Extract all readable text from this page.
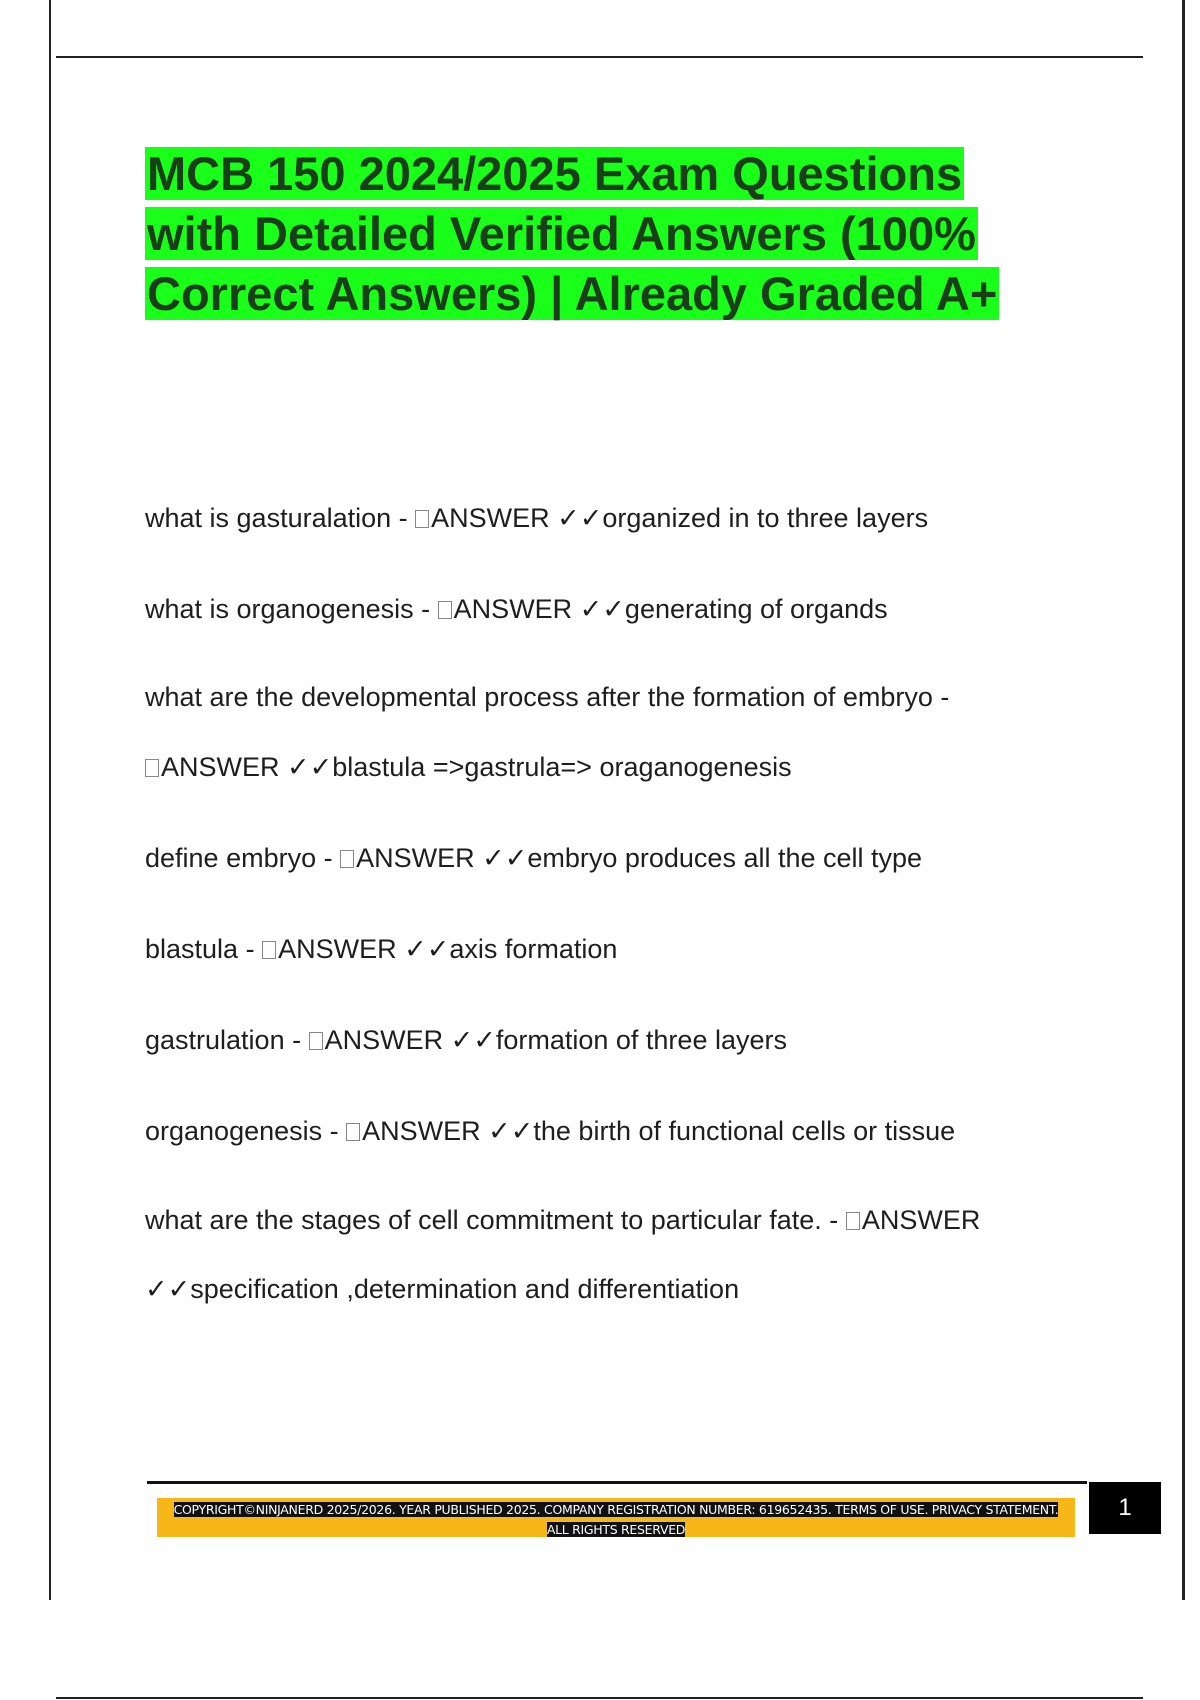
MCB 150 2024/2025 Exam Questions with Detailed Verified Answers (100% Correct Answers) | Already Graded A+
what is gasturalation - ANSWER ✓✓organized in to three layers
what is organogenesis - ANSWER ✓✓generating of organds
what are the developmental process after the formation of embryo -
ANSWER ✓✓blastula =>gastrula=> oraganogenesis
define embryo - ANSWER ✓✓embryo produces all the cell type
blastula - ANSWER ✓✓axis formation
gastrulation - ANSWER ✓✓formation of three layers
organogenesis - ANSWER ✓✓the birth of functional cells or tissue
what are the stages of cell commitment to particular fate. - ANSWER
✓✓specification ,determination and differentiation
COPYRIGHT©NINJANERD 2025/2026. YEAR PUBLISHED 2025. COMPANY REGISTRATION NUMBER: 619652435. TERMS OF USE. PRIVACY STATEMENT. ALL RIGHTS RESERVED
1
